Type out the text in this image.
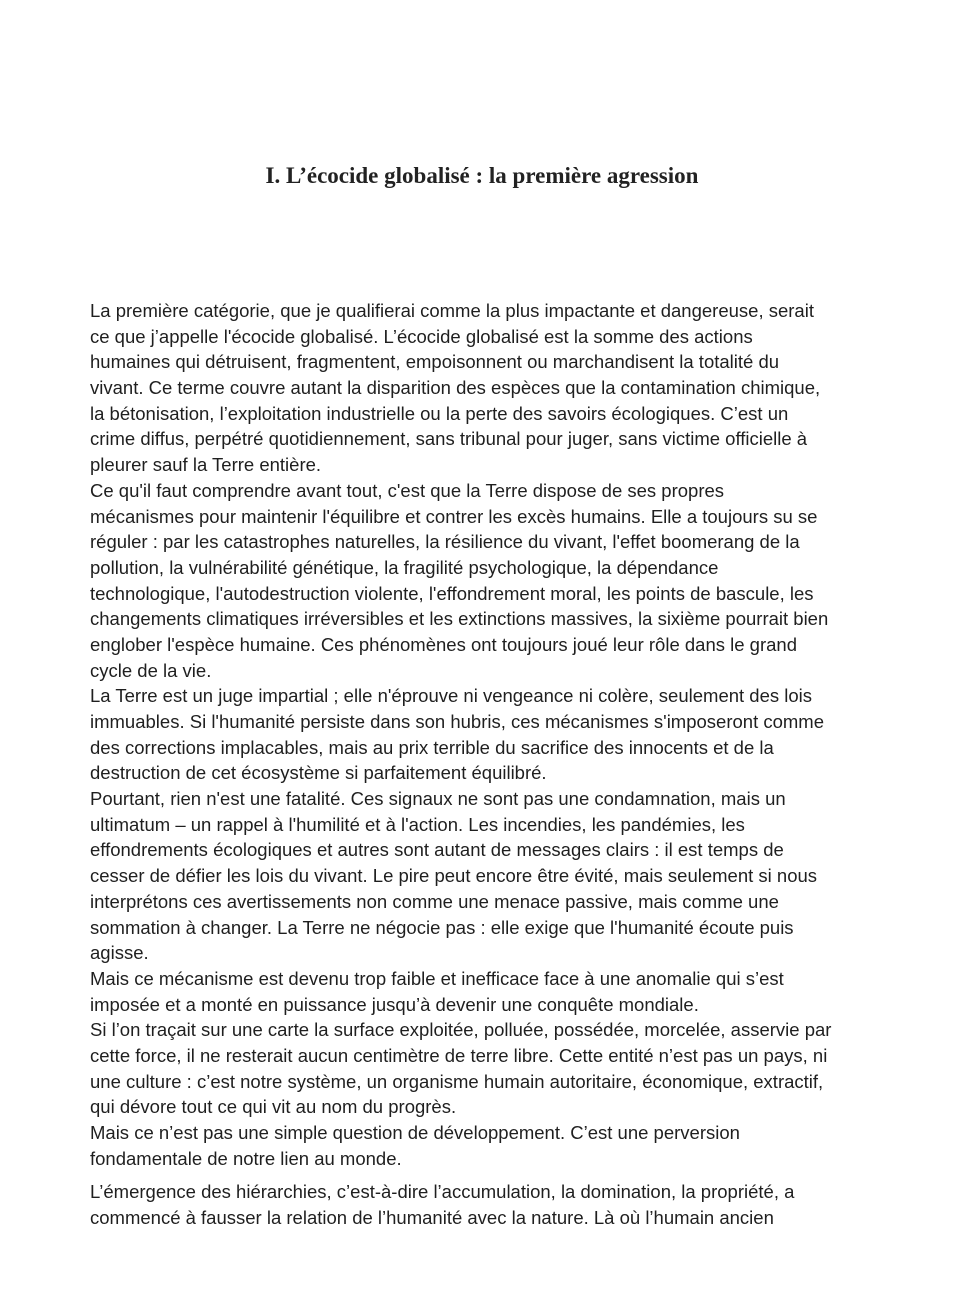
I. L’écocide globalisé : la première agression
La première catégorie, que je qualifierai comme la plus impactante et dangereuse, serait
ce que j’appelle l'écocide globalisé. L’écocide globalisé est la somme des actions
humaines qui détruisent, fragmentent, empoisonnent ou marchandisent la totalité du
vivant. Ce terme couvre autant la disparition des espèces que la contamination chimique,
la bétonisation, l’exploitation industrielle ou la perte des savoirs écologiques. C’est un
crime diffus, perpétré quotidiennement, sans tribunal pour juger, sans victime officielle à
pleurer sauf la Terre entière.
Ce qu'il faut comprendre avant tout, c'est que la Terre dispose de ses propres
mécanismes pour maintenir l'équilibre et contrer les excès humains. Elle a toujours su se
réguler : par les catastrophes naturelles, la résilience du vivant, l'effet boomerang de la
pollution, la vulnérabilité génétique, la fragilité psychologique, la dépendance
technologique, l'autodestruction violente, l'effondrement moral, les points de bascule, les
changements climatiques irréversibles et les extinctions massives, la sixième pourrait bien
englober l'espèce humaine. Ces phénomènes ont toujours joué leur rôle dans le grand
cycle de la vie.
La Terre est un juge impartial ; elle n'éprouve ni vengeance ni colère, seulement des lois
immuables. Si l'humanité persiste dans son hubris, ces mécanismes s'imposeront comme
des corrections implacables, mais au prix terrible du sacrifice des innocents et de la
destruction de cet écosystème si parfaitement équilibré.
Pourtant, rien n'est une fatalité. Ces signaux ne sont pas une condamnation, mais un
ultimatum – un rappel à l'humilité et à l'action. Les incendies, les pandémies, les
effondrements écologiques et autres sont autant de messages clairs : il est temps de
cesser de défier les lois du vivant. Le pire peut encore être évité, mais seulement si nous
interprétons ces avertissements non comme une menace passive, mais comme une
sommation à changer. La Terre ne négocie pas : elle exige que l'humanité écoute puis
agisse.
Mais ce mécanisme est devenu trop faible et inefficace face à une anomalie qui s’est
imposée et a monté en puissance jusqu’à devenir une conquête mondiale.
Si l’on traçait sur une carte la surface exploitée, polluée, possédée, morcelée, asservie par
cette force, il ne resterait aucun centimètre de terre libre. Cette entité n’est pas un pays, ni
une culture : c’est notre système, un organisme humain autoritaire, économique, extractif,
qui dévore tout ce qui vit au nom du progrès.
Mais ce n’est pas une simple question de développement. C’est une perversion
fondamentale de notre lien au monde.
L’émergence des hiérarchies, c’est-à-dire l’accumulation, la domination, la propriété, a
commencé à fausser la relation de l’humanité avec la nature. Là où l’humain ancien
